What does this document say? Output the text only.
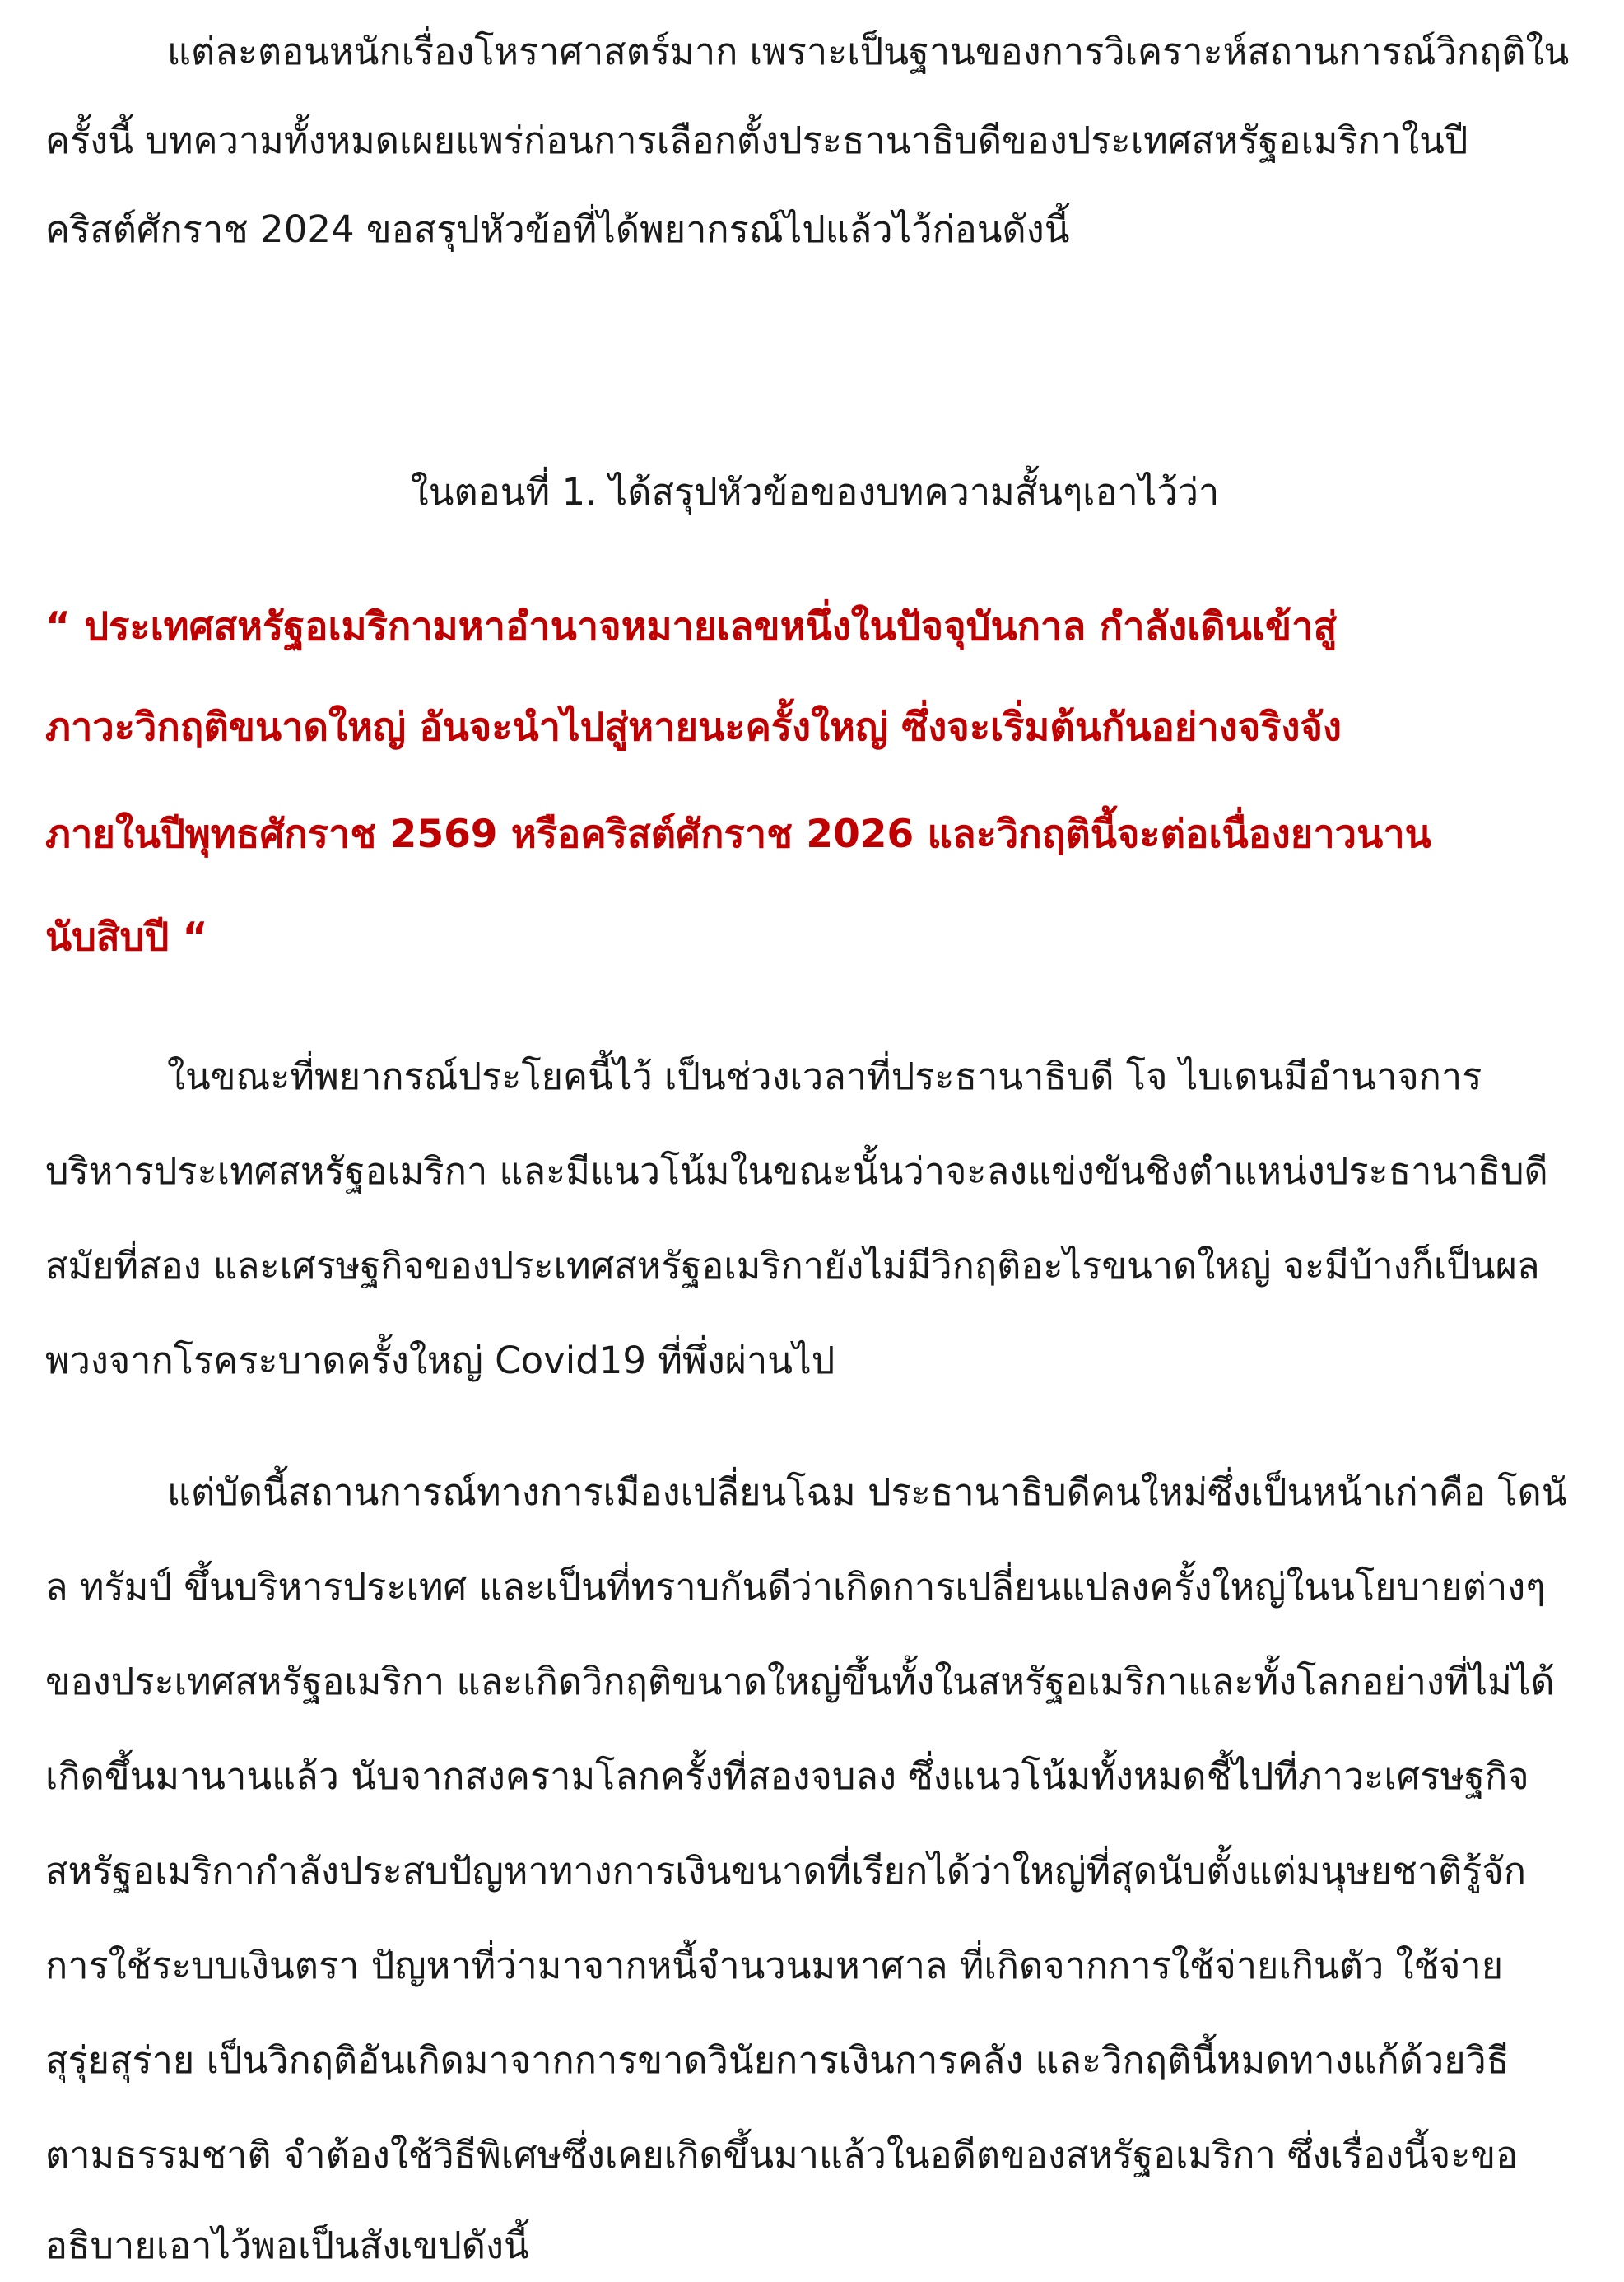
แต่ละตอนหนักเรื่องโหราศาสตร์มาก เพราะเป็นฐานของการวิเคราะห์สถานการณ์วิกฤติใน
ครั้งนี้ บทความทั้งหมดเผยแพร่ก่อนการเลือกตั้งประธานาธิบดีของประเทศสหรัฐอเมริกาในปี
คริสต์ศักราช 2024 ขอสรุปหัวข้อที่ได้พยากรณ์ไปแล้วไว้ก่อนดังนี้
ในตอนที่ 1. ได้สรุปหัวข้อของบทความสั้นๆเอาไว้ว่า
“ ประเทศสหรัฐอเมริกามหาอำนาจหมายเลขหนึ่งในปัจจุบันกาล กำลังเดินเข้าสู่
ภาวะวิกฤติขนาดใหญ่ อันจะนำไปสู่หายนะครั้งใหญ่ ซึ่งจะเริ่มต้นกันอย่างจริงจัง
ภายในปีพุทธศักราช 2569 หรือคริสต์ศักราช 2026 และวิกฤตินี้จะต่อเนื่องยาวนาน
นับสิบปี “
ในขณะที่พยากรณ์ประโยคนี้ไว้ เป็นช่วงเวลาที่ประธานาธิบดี โจ ไบเดนมีอำนาจการ
บริหารประเทศสหรัฐอเมริกา และมีแนวโน้มในขณะนั้นว่าจะลงแข่งขันชิงตำแหน่งประธานาธิบดี
สมัยที่สอง และเศรษฐกิจของประเทศสหรัฐอเมริกายังไม่มีวิกฤติอะไรขนาดใหญ่ จะมีบ้างก็เป็นผล
พวงจากโรคระบาดครั้งใหญ่ Covid19 ที่พึ่งผ่านไป
แต่บัดนี้สถานการณ์ทางการเมืองเปลี่ยนโฉม ประธานาธิบดีคนใหม่ซึ่งเป็นหน้าเก่าคือ โดนั
ล ทรัมป์ ขึ้นบริหารประเทศ และเป็นที่ทราบกันดีว่าเกิดการเปลี่ยนแปลงครั้งใหญ่ในนโยบายต่างๆ
ของประเทศสหรัฐอเมริกา และเกิดวิกฤติขนาดใหญ่ขึ้นทั้งในสหรัฐอเมริกาและทั้งโลกอย่างที่ไม่ได้
เกิดขึ้นมานานแล้ว นับจากสงครามโลกครั้งที่สองจบลง ซึ่งแนวโน้มทั้งหมดชี้ไปที่ภาวะเศรษฐกิจ
สหรัฐอเมริกากำลังประสบปัญหาทางการเงินขนาดที่เรียกได้ว่าใหญ่ที่สุดนับตั้งแต่มนุษยชาติรู้จัก
การใช้ระบบเงินตรา ปัญหาที่ว่ามาจากหนี้จำนวนมหาศาล ที่เกิดจากการใช้จ่ายเกินตัว ใช้จ่าย
สุรุ่ยสุร่าย เป็นวิกฤติอันเกิดมาจากการขาดวินัยการเงินการคลัง และวิกฤตินี้หมดทางแก้ด้วยวิธี
ตามธรรมชาติ จำต้องใช้วิธีพิเศษซึ่งเคยเกิดขึ้นมาแล้วในอดีตของสหรัฐอเมริกา ซึ่งเรื่องนี้จะขอ
อธิบายเอาไว้พอเป็นสังเขปดังนี้
